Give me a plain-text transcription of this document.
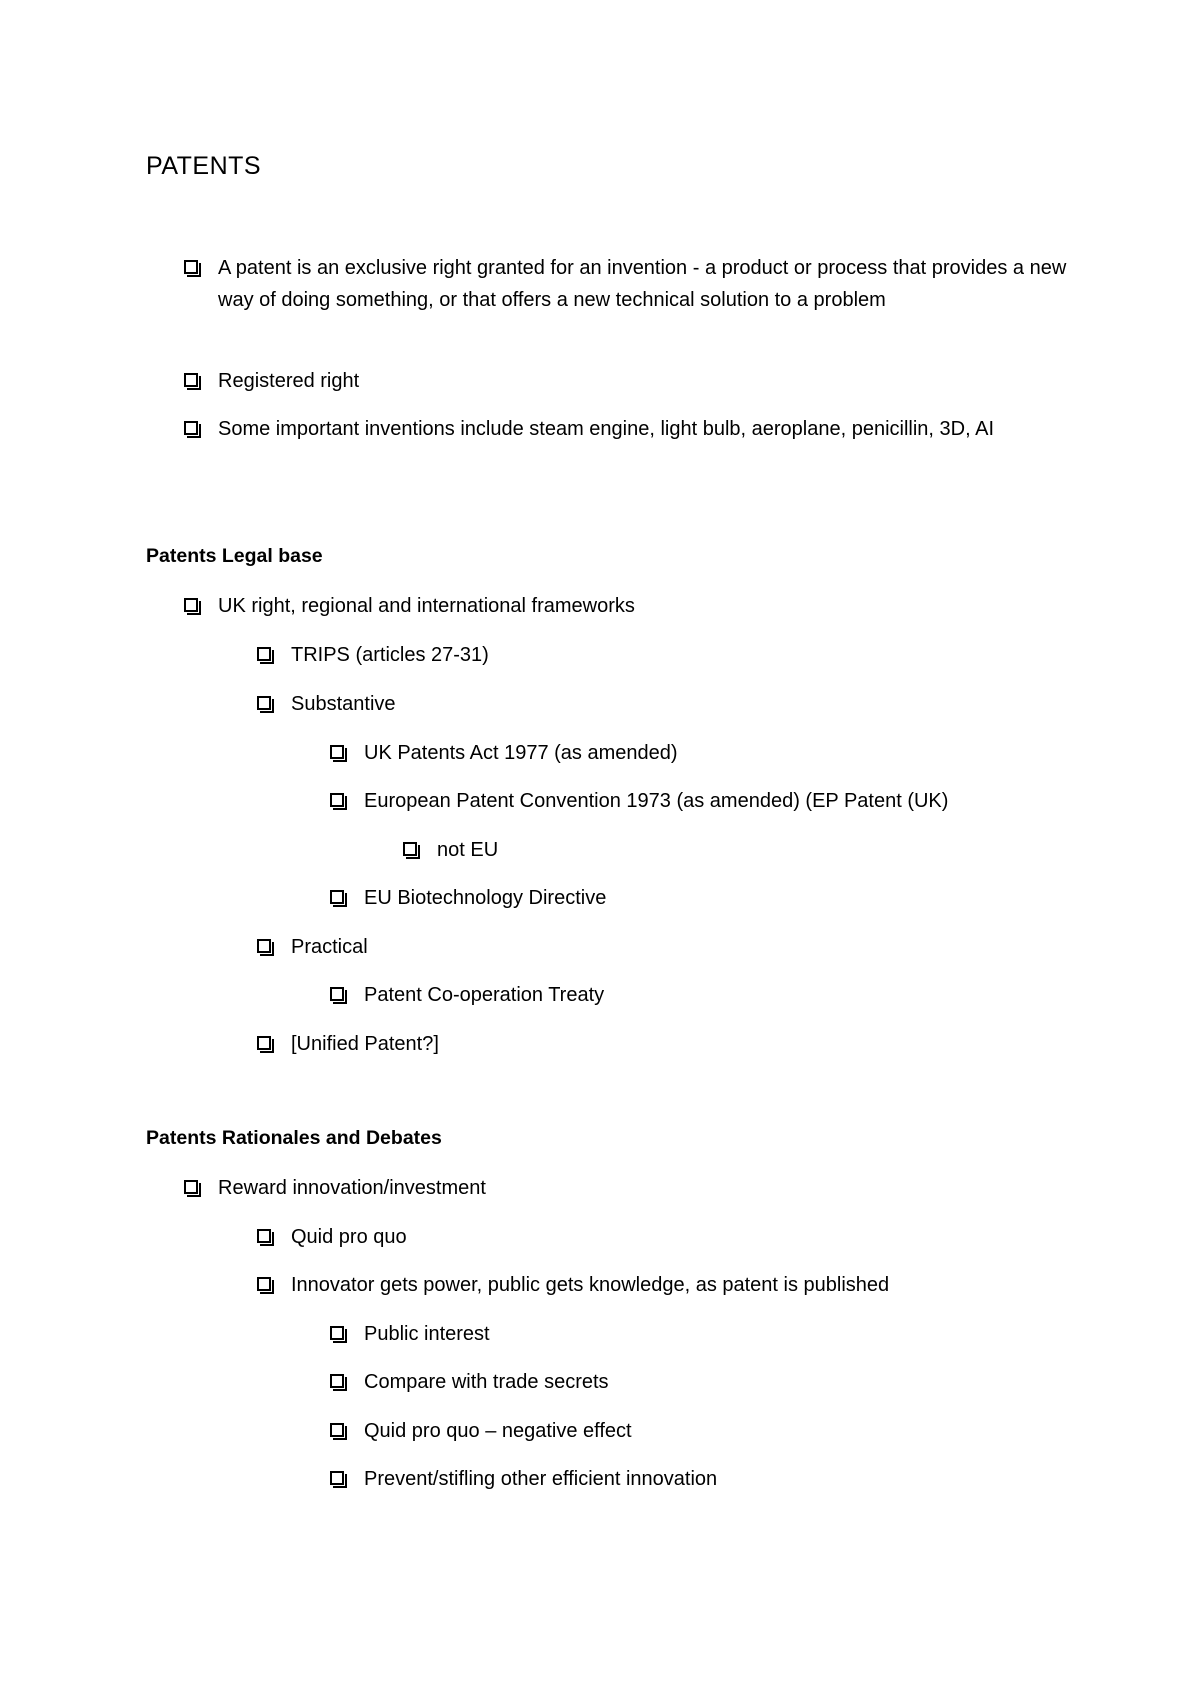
PATENTS
A patent is an exclusive right granted for an invention - a product or process that provides a new way of doing something, or that offers a new technical solution to a problem
Registered right
Some important inventions include steam engine, light bulb, aeroplane, penicillin, 3D, AI
Patents Legal base
UK right, regional and international frameworks
TRIPS (articles 27-31)
Substantive
UK Patents Act 1977 (as amended)
European Patent Convention 1973 (as amended) (EP Patent (UK)
not EU
EU Biotechnology Directive
Practical
Patent Co-operation Treaty
[Unified Patent?]
Patents Rationales and Debates
Reward innovation/investment
Quid pro quo
Innovator gets power, public gets knowledge, as patent is published
Public interest
Compare with trade secrets
Quid pro quo – negative effect
Prevent/stifling other efficient innovation
